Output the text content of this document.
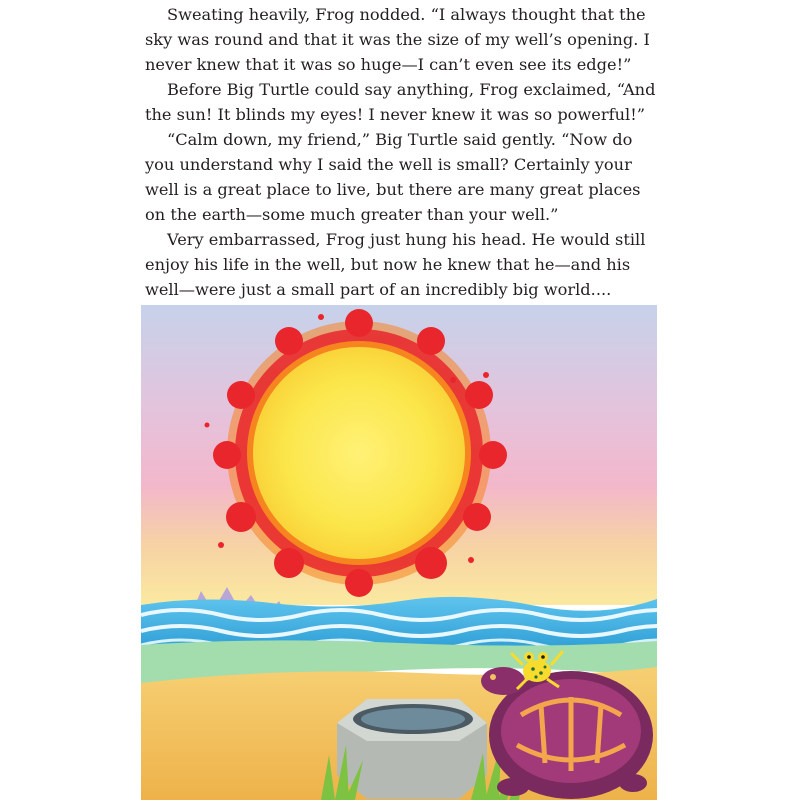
Sweating heavily, Frog nodded. “I always thought that the sky was round and that it was the size of my well’s opening. I never knew that it was so huge—I can’t even see its edge!”

Before Big Turtle could say anything, Frog exclaimed, “And the sun! It blinds my eyes! I never knew it was so powerful!”

“Calm down, my friend,” Big Turtle said gently. “Now do you understand why I said the well is small? Certainly your well is a great place to live, but there are many great places on the earth—some much greater than your well.”

Very embarrassed, Frog just hung his head. He would still enjoy his life in the well, but now he knew that he—and his well—were just a small part of an incredibly big world....
